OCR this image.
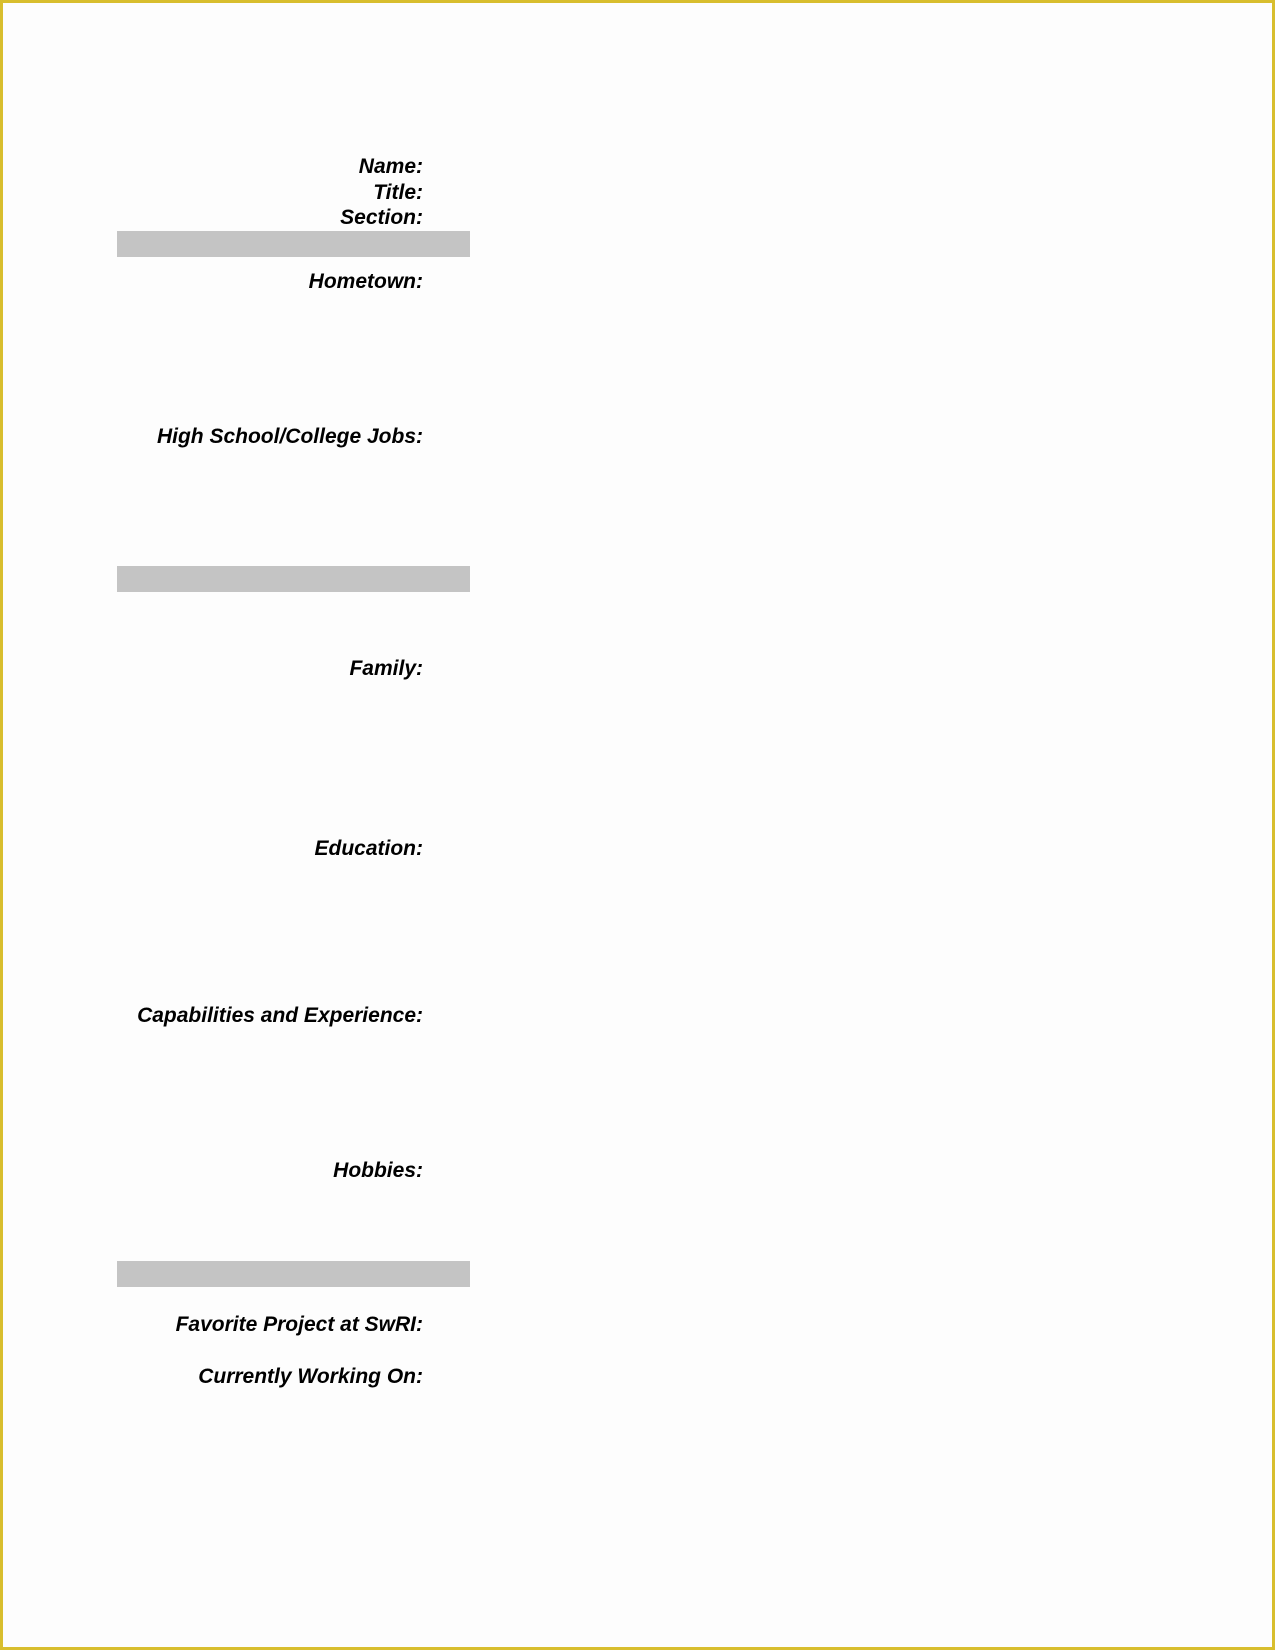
Name:
Title:
Section:
Hometown:
High School/College Jobs:
Family:
Education:
Capabilities and Experience:
Hobbies:
Favorite Project at SwRI:
Currently Working On:
